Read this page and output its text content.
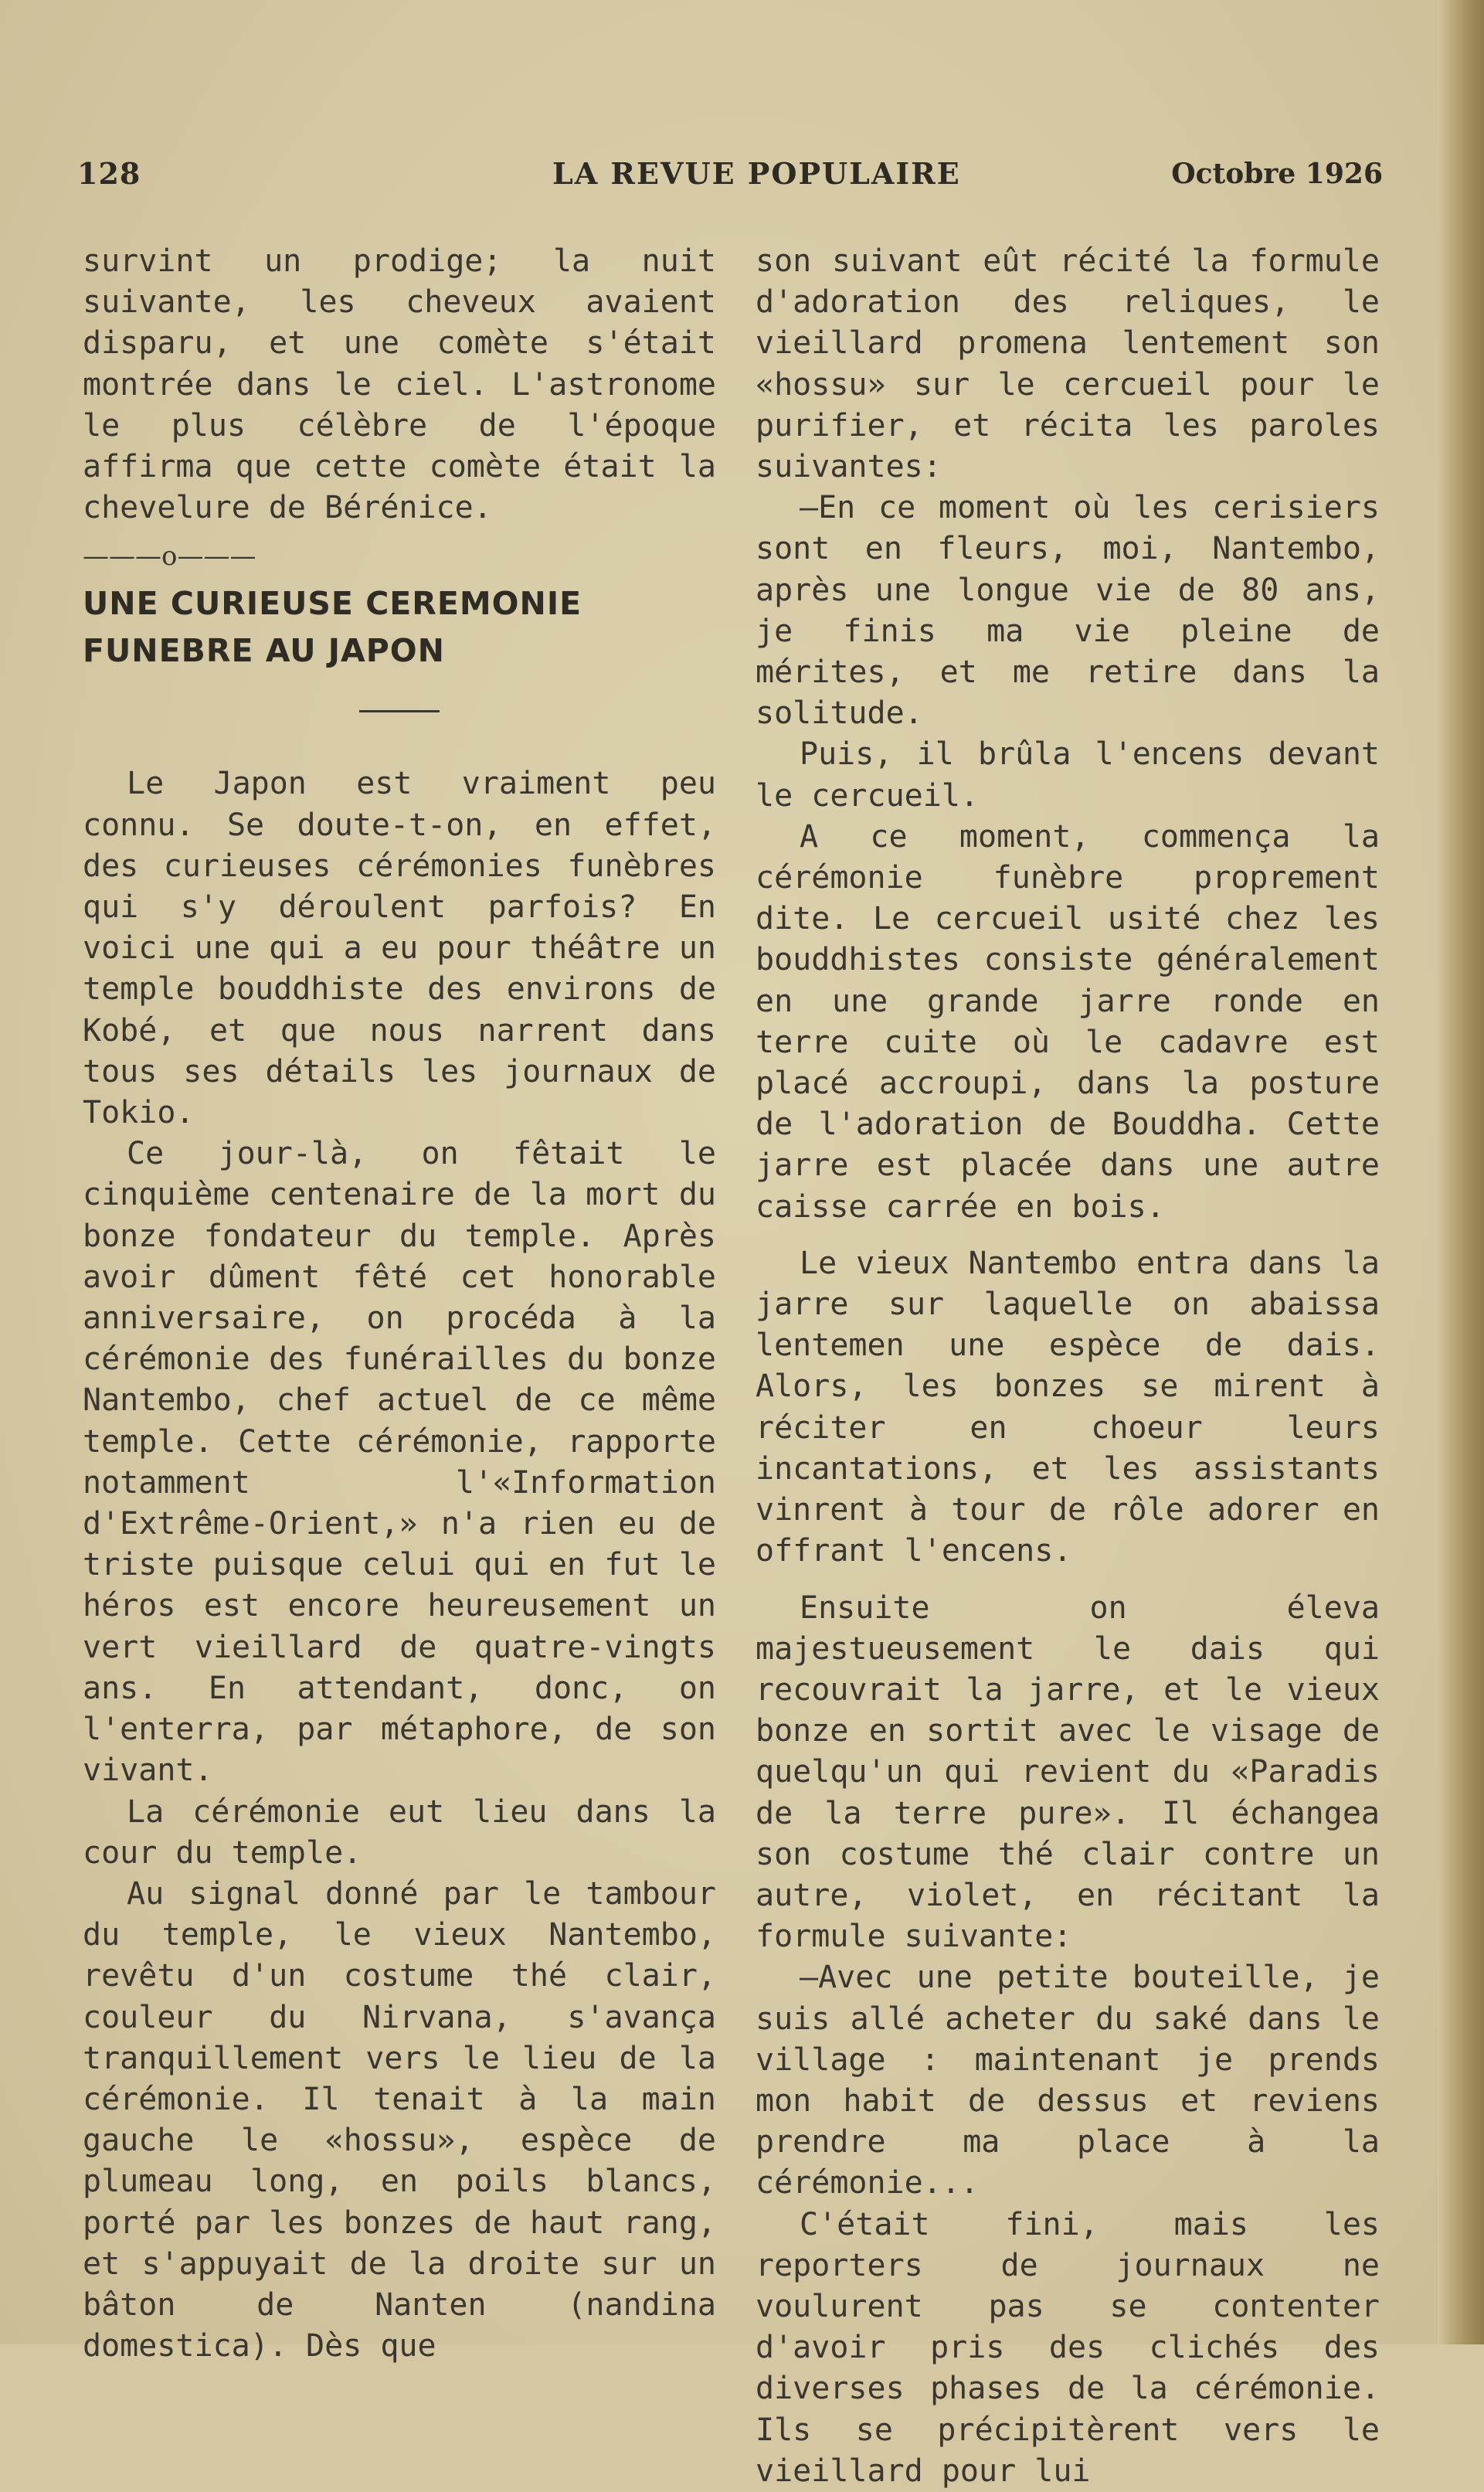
128	LA REVUE POPULAIRE	Octobre 1926

survint un prodige; la nuit suivante, les cheveux avaient disparu, et une comète s'était montrée dans le ciel. L'astronome le plus célèbre de l'époque affirma que cette comète était la chevelure de Bérénice.

———o———
UNE CURIEUSE CEREMONIE
FUNEBRE AU JAPON

Le Japon est vraiment peu connu. Se doute-t-on, en effet, des curieuses cérémonies funèbres qui s'y déroulent parfois? En voici une qui a eu pour théâtre un temple bouddhiste des environs de Kobé, et que nous narrent dans tous ses détails les journaux de Tokio.

Ce jour-là, on fêtait le cinquième centenaire de la mort du bonze fondateur du temple. Après avoir dûment fêté cet honorable anniversaire, on procéda à la cérémonie des funérailles du bonze Nantembo, chef actuel de ce même temple. Cette cérémonie, rapporte notamment l'«Information d'Extrême-Orient,» n'a rien eu de triste puisque celui qui en fut le héros est encore heureusement un vert vieillard de quatre-vingts ans. En attendant, donc, on l'enterra, par métaphore, de son vivant.

La cérémonie eut lieu dans la cour du temple.

Au signal donné par le tambour du temple, le vieux Nantembo, revêtu d'un costume thé clair, couleur du Nirvana, s'avança tranquillement vers le lieu de la cérémonie. Il tenait à la main gauche le «hossu», espèce de plumeau long, en poils blancs, porté par les bonzes de haut rang, et s'appuyait de la droite sur un bâton de Nanten (nandina domestica). Dès que

son suivant eût récité la formule d'adoration des reliques, le vieillard promena lentement son «hossu» sur le cercueil pour le purifier, et récita les paroles suivantes:

—En ce moment où les cerisiers sont en fleurs, moi, Nantembo, après une longue vie de 80 ans, je finis ma vie pleine de mérites, et me retire dans la solitude.

Puis, il brûla l'encens devant le cercueil.

A ce moment, commença la cérémonie funèbre proprement dite. Le cercueil usité chez les bouddhistes consiste généralement en une grande jarre ronde en terre cuite où le cadavre est placé accroupi, dans la posture de l'adoration de Bouddha. Cette jarre est placée dans une autre caisse carrée en bois.

Le vieux Nantembo entra dans la jarre sur laquelle on abaissa lentemen une espèce de dais. Alors, les bonzes se mirent à réciter en choeur leurs incantations, et les assistants vinrent à tour de rôle adorer en offrant l'encens.

Ensuite on éleva majestueusement le dais qui recouvrait la jarre, et le vieux bonze en sortit avec le visage de quelqu'un qui revient du «Paradis de la terre pure». Il échangea son costume thé clair contre un autre, violet, en récitant la formule suivante:

—Avec une petite bouteille, je suis allé acheter du saké dans le village : maintenant je prends mon habit de dessus et reviens prendre ma place à la cérémonie...

C'était fini, mais les reporters de journaux ne voulurent pas se contenter d'avoir pris des clichés des diverses phases de la cérémonie. Ils se précipitèrent vers le vieillard pour lui
